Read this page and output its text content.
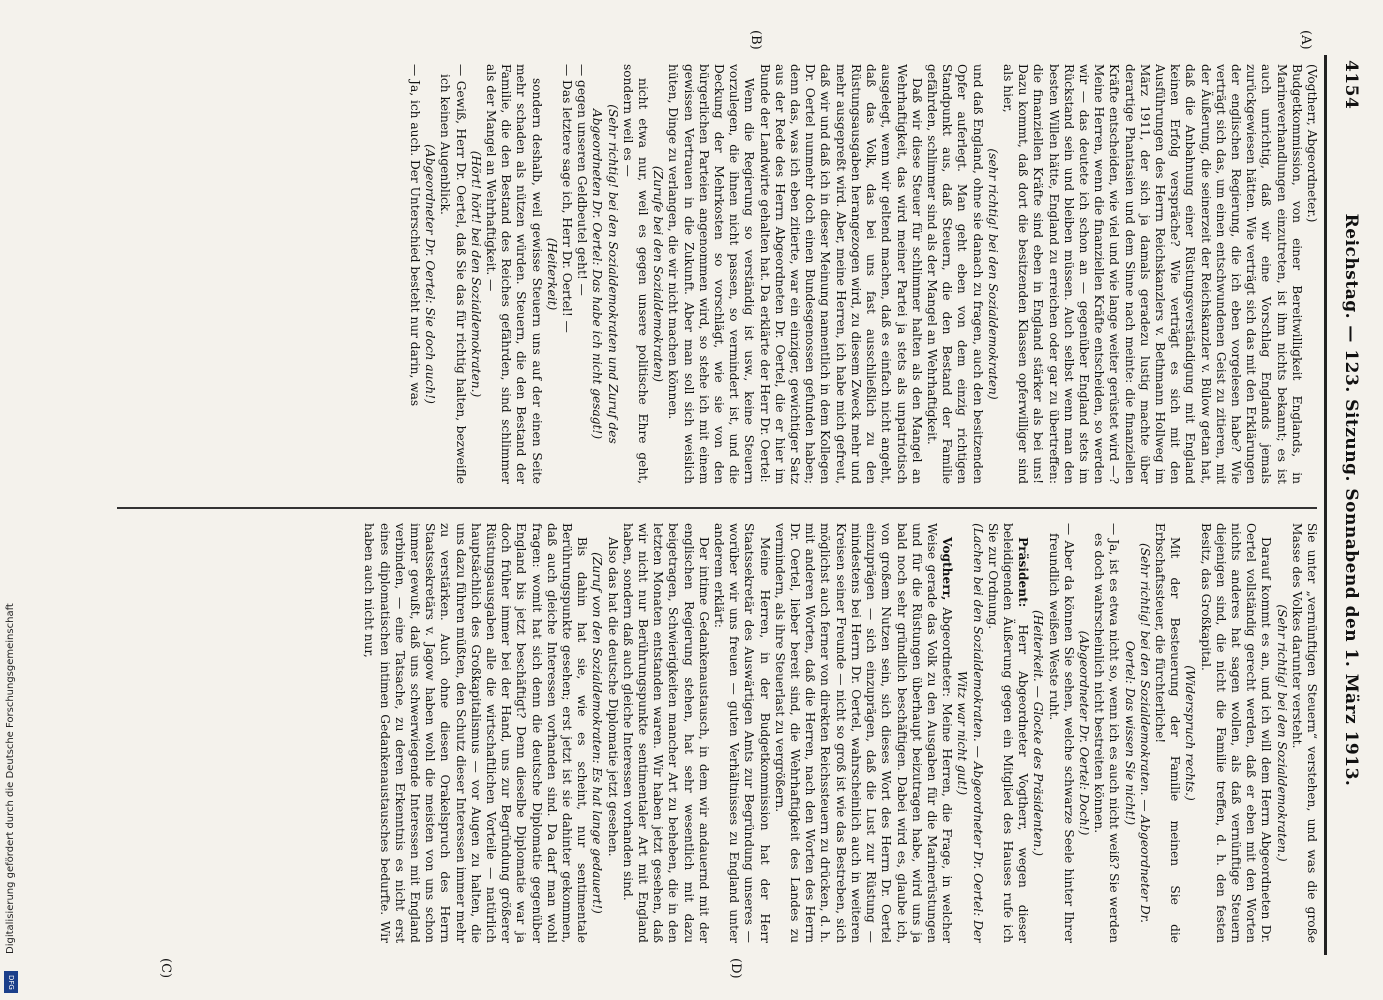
4154
Reichstag. — 123. Sitzung. Sonnabend den 1. März 1913.
(A)
(B)
(C)	(D)

(Vogtherr, Abgeordneter.)

Budgetkommission, von einer Bereitwilligkeit Englands, in Marineverhandlungen einzutreten, ist ihm nichts bekannt; es ist auch unrichtig, daß wir eine Vorschlag Englands jemals zurückgewiesen hätten. Wie verträgt sich das mit den Erklärungen der englischen Regierung, die ich eben vorgelesen habe? Wie verträgt sich das, um einen entschwundenen Geist zu zitieren, mit der Äußerung, die seinerzeit der Reichskanzler v. Bülow getan hat, daß die Anbahnung einer Rüstungsverständigung mit England keinen Erfolg verspräche? Wie verträgt es sich mit den Ausführungen des Herrn Reichskanzlers v. Bethmann Hollweg im März 1911, der sich ja damals geradezu lustig machte über derartige Phantasien und dem Sinne nach meinte: die finanziellen Kräfte entscheiden, wie viel und wie lange weiter gerüstet wird —? Meine Herren, wenn die finanziellen Kräfte entscheiden, so werden wir — das deutete ich schon an — gegenüber England stets im Rückstand sein und bleiben müssen. Auch selbst wenn man den besten Willen hätte, England zu erreichen oder gar zu übertreffen: die finanziellen Kräfte sind eben in England stärker als bei uns! Dazu kommt, daß dort die besitzenden Klassen opferwilliger sind als hier,

(sehr richtig! bei den Sozialdemokraten)

und daß England, ohne sie danach zu fragen, auch den besitzenden Opfer auferlegt. Man geht eben von dem einzig richtigen Standpunkt aus, daß Steuern, die den Bestand der Familie gefährden, schlimmer sind als der Mangel an Wehrhaftigkeit.

Daß wir diese Steuer für schlimmer halten als den Mangel an Wehrhaftigkeit, das wird meiner Partei ja stets als unpatriotisch ausgelegt, wenn wir geltend machen, daß es einfach nicht angeht, daß das Volk, das bei uns fast ausschließlich zu den Rüstungsausgaben herangezogen wird, zu diesem Zweck mehr und mehr ausgepreßt wird. Aber, meine Herren, ich habe mich gefreut, daß wir und daß ich in dieser Meinung namentlich in dem Kollegen Dr. Oertel nunmehr doch einen Bundesgenossen gefunden haben; denn das, was ich eben zitierte, war ein einziger, gewichtiger Satz aus der Rede des Herrn Abgeordneten Dr. Oertel, die er hier im Bunde der Landwirte gehalten hat. Da erklärte der Herr Dr. Oertel:

Wenn die Regierung so verständig ist usw., keine Steuern vorzulegen, die ihnen nicht passen, so vermindert ist, und die Deckung der Mehrkosten so vorschlägt, wie sie von den bürgerlichen Parteien angenommen wird, so stehe ich mit einem gewissen Vertrauen in die Zukunft. Aber man soll sich weislich hüten, Dinge zu verlangen, die wir nicht machen können.

(Zurufe bei den Sozialdemokraten)

nicht etwa nur, weil es gegen unsere politische Ehre geht, sondern weil es —

(Sehr richtig! bei den Sozialdemokraten und Zuruf des Abgeordneten Dr. Oertel: Das habe ich nicht gesagt!)

— gegen unseren Geldbeutel geht! —

— Das letztere sage ich, Herr Dr. Oertel! —

(Heiterkeit)

sondern deshalb, weil gewisse Steuern uns auf der einen Seite mehr schaden als nützen würden. Steuern, die den Bestand der Familie, die den Bestand des Reiches gefährden, sind schlimmer als der Mangel an Wehrhaftigkeit. —

(Hört! hört! bei den Sozialdemokraten.)

— Gewiß, Herr Dr. Oertel, daß Sie das für richtig halten, bezweifle ich keinen Augenblick.

(Abgeordneter Dr. Oertel: Sie doch auch!)

— Ja, ich auch. Der Unterschied besteht nur darin, was

Sie unter „vernünftigen Steuern“ verstehen, und was die große Masse des Volkes darunter versteht.

(Sehr richtig! bei den Sozialdemokraten.)

Darauf kommt es an, und ich will dem Herrn Abgeordneten Dr. Oertel vollständig gerecht werden, daß er eben mit den Worten nichts anderes hat sagen wollen, als daß vernünftige Steuern diejenigen sind, die nicht die Familie treffen, d. h. den festen Besitz, das Großkapital.

(Widerspruch rechts.)

Mit der Besteuerung der Familie meinen Sie die Erbschaftssteuer, die fürchterliche!

(Sehr richtig! bei den Sozialdemokraten. — Abgeordneter Dr. Oertel: Das wissen Sie nicht!)

— Ja, ist es etwa nicht so, wenn ich es auch nicht weiß? Sie werden es doch wahrscheinlich nicht bestreiten können.

(Abgeordneter Dr. Oertel: Doch!)

— Aber da können Sie sehen, welche schwarze Seele hinter Ihrer freundlich weißen Weste ruht.

(Heiterkeit. — Glocke des Präsidenten.)

Präsident: Herr Abgeordneter Vogtherr, wegen dieser beleidigenden Äußerung gegen ein Mitglied des Hauses rufe ich Sie zur Ordnung.

(Lachen bei den Sozialdemokraten. — Abgeordneter Dr. Oertel: Der Witz war nicht gut!)

Vogtherr, Abgeordneter: Meine Herren, die Frage, in welcher Weise gerade das Volk zu den Ausgaben für die Marinerüstungen und für die Rüstungen überhaupt beizutragen habe, wird uns ja bald noch sehr gründlich beschäftigen. Dabei wird es, glaube ich, von großem Nutzen sein, sich dieses Wort des Herrn Dr. Oertel einzuprägen — sich einzuprägen, daß die Lust zur Rüstung — mindestens bei Herrn Dr. Oertel, wahrscheinlich auch in weiteren Kreisen seiner Freunde — nicht so groß ist wie das Bestreben, sich möglichst auch ferner von direkten Reichssteuern zu drücken, d. h. mit anderen Worten, daß die Herren, nach den Worten des Herrn Dr. Oertel, lieber bereit sind, die Wehrhaftigkeit des Landes zu vermindern, als ihre Steuerlast zu vergrößern.

Meine Herren, in der Budgetkommission hat der Herr Staatssekretär des Auswärtigen Amts zur Begründung unseres — worüber wir uns freuen — guten Verhältnisses zu England unter anderem erklärt:

Der intime Gedankenaustausch, in dem wir andauernd mit der englischen Regierung stehen, hat sehr wesentlich mit dazu beigetragen, Schwierigkeiten mancher Art zu beheben, die in den letzten Monaten entstanden waren. Wir haben jetzt gesehen, daß wir nicht nur Berührungspunkte sentimentaler Art mit England haben, sondern daß auch gleiche Interessen vorhanden sind.

Also das hat die deutsche Diplomatie jetzt gesehen.

(Zuruf von den Sozialdemokraten: Es hat lange gedauert!)

Bis dahin hat sie, wie es scheint, nur sentimentale Berührungspunkte gesehen; erst jetzt ist sie dahinter gekommen, daß auch gleiche Interessen vorhanden sind. Da darf man wohl fragen: womit hat sich denn die deutsche Diplomatie gegenüber England bis jetzt beschäftigt? Denn dieselbe Diplomatie war ja doch früher immer bei der Hand, uns zur Begründung größerer Rüstungsausgaben alle die wirtschaftlichen Vorteile — natürlich hauptsächlich des Großkapitalismus — vor Augen zu halten, die uns dazu führen müßten, den Schutz dieser Interessen immer mehr zu verstärken. Auch ohne diesen Orakelspruch des Herrn Staatssekretärs v. Jagow haben wohl die meisten von uns schon immer gewußt, daß uns schwerwiegende Interessen mit England verbinden, — eine Tatsache, zu deren Erkenntnis es nicht erst eines diplomatischen intimen Gedankenaustausches bedurfte. Wir haben auch nicht nur,

Digitalisierung gefördert durch die Deutsche Forschungsgemeinschaft
DFG
